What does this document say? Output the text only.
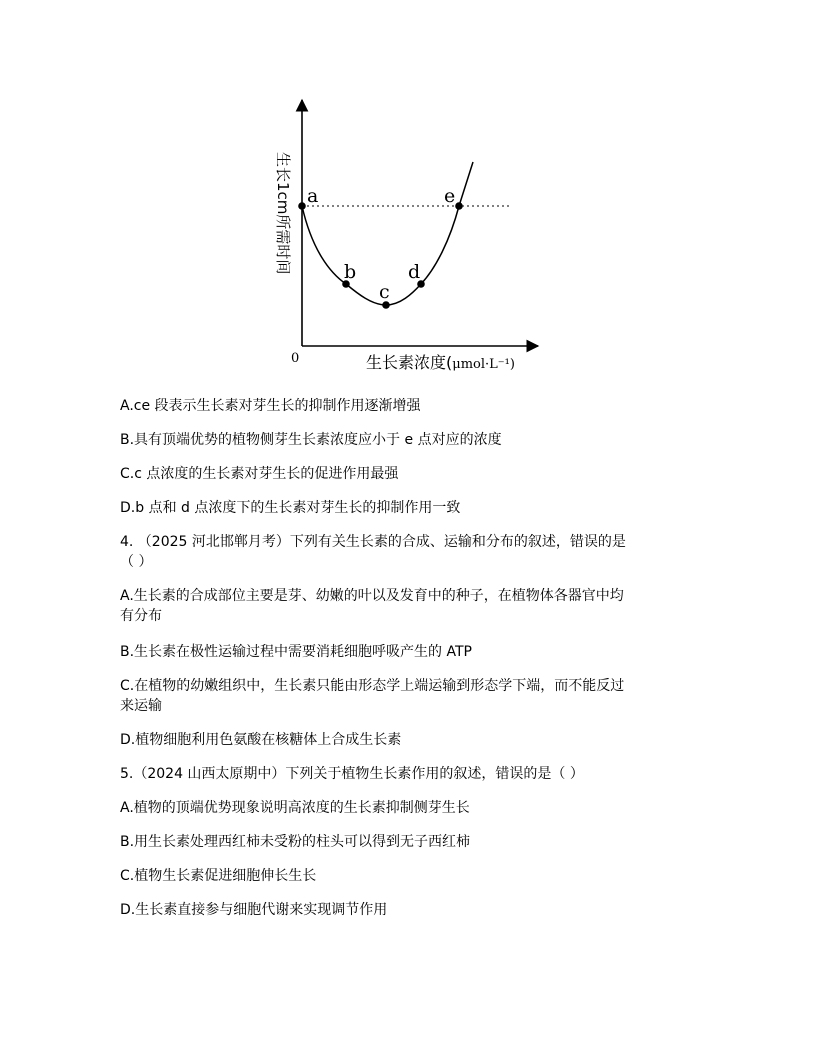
a
b
c
d
e
0	生长素浓度(μmol·L⁻¹)
生长1cm所需时间
A.ce 段表示生长素对芽生长的抑制作用逐渐增强
B.具有顶端优势的植物侧芽生长素浓度应小于 e 点对应的浓度
C.c 点浓度的生长素对芽生长的促进作用最强
D.b 点和 d 点浓度下的生长素对芽生长的抑制作用一致
4. （2025 河北邯郸月考）下列有关生长素的合成、运输和分布的叙述，错误的是
（ ）
A.生长素的合成部位主要是芽、幼嫩的叶以及发育中的种子，在植物体各器官中均
有分布
B.生长素在极性运输过程中需要消耗细胞呼吸产生的 ATP
C.在植物的幼嫩组织中，生长素只能由形态学上端运输到形态学下端，而不能反过
来运输
D.植物细胞利用色氨酸在核糖体上合成生长素
5.（2024 山西太原期中）下列关于植物生长素作用的叙述，错误的是（ ）
A.植物的顶端优势现象说明高浓度的生长素抑制侧芽生长
B.用生长素处理西红柿未受粉的柱头可以得到无子西红柿
C.植物生长素促进细胞伸长生长
D.生长素直接参与细胞代谢来实现调节作用
